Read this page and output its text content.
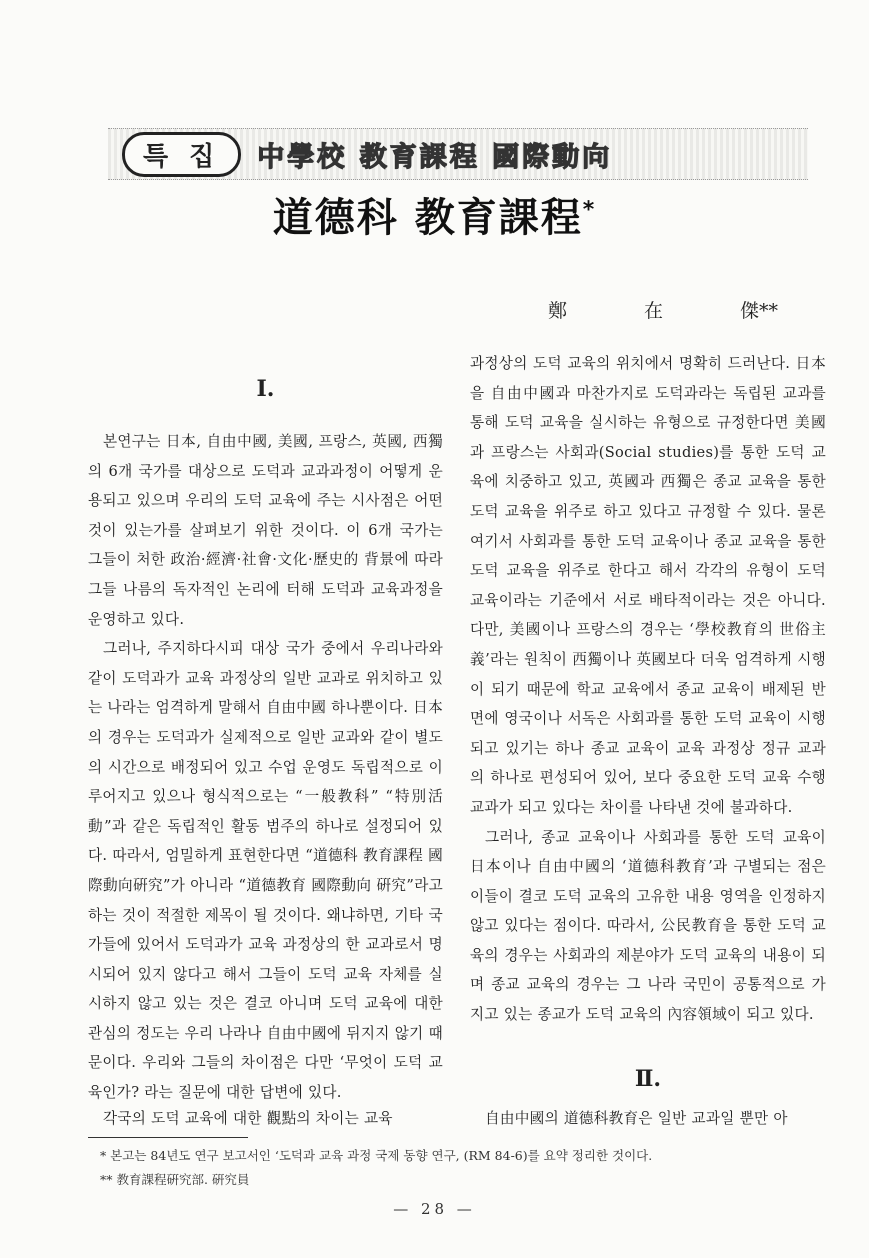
특 집	中學校 教育課程 國際動向
道德科 教育課程*
鄭	在	傑**
I.

본연구는 日本, 自由中國, 美國, 프랑스, 英國, 西獨의 6개 국가를 대상으로 도덕과 교과과정이 어떻게 운용되고 있으며 우리의 도덕 교육에 주는 시사점은 어떤 것이 있는가를 살펴보기 위한 것이다. 이 6개 국가는 그들이 처한 政治·經濟·社會·文化·歷史的 背景에 따라 그들 나름의 독자적인 논리에 터해 도덕과 교육과정을 운영하고 있다.

그러나, 주지하다시피 대상 국가 중에서 우리나라와 같이 도덕과가 교육 과정상의 일반 교과로 위치하고 있는 나라는 엄격하게 말해서 自由中國 하나뿐이다. 日本의 경우는 도덕과가 실제적으로 일반 교과와 같이 별도의 시간으로 배정되어 있고 수업 운영도 독립적으로 이루어지고 있으나 형식적으로는 “一般教科” “特別活動”과 같은 독립적인 활동 범주의 하나로 설정되어 있다. 따라서, 엄밀하게 표현한다면 “道德科 教育課程 國際動向硏究”가 아니라 “道德教育 國際動向 硏究”라고 하는 것이 적절한 제목이 될 것이다. 왜냐하면, 기타 국가들에 있어서 도덕과가 교육 과정상의 한 교과로서 명시되어 있지 않다고 해서 그들이 도덕 교육 자체를 실시하지 않고 있는 것은 결코 아니며 도덕 교육에 대한 관심의 정도는 우리 나라나 自由中國에 뒤지지 않기 때문이다. 우리와 그들의 차이점은 다만 ‘무엇이 도덕 교육인가? 라는 질문에 대한 답변에 있다.

과정상의 도덕 교육의 위치에서 명확히 드러난다. 日本을 自由中國과 마찬가지로 도덕과라는 독립된 교과를 통해 도덕 교육을 실시하는 유형으로 규정한다면 美國과 프랑스는 사회과(Social studies)를 통한 도덕 교육에 치중하고 있고, 英國과 西獨은 종교 교육을 통한 도덕 교육을 위주로 하고 있다고 규정할 수 있다. 물론 여기서 사회과를 통한 도덕 교육이나 종교 교육을 통한 도덕 교육을 위주로 한다고 해서 각각의 유형이 도덕 교육이라는 기준에서 서로 배타적이라는 것은 아니다. 다만, 美國이나 프랑스의 경우는 ‘學校教育의 世俗主義’라는 원칙이 西獨이나 英國보다 더욱 엄격하게 시행이 되기 때문에 학교 교육에서 종교 교육이 배제된 반면에 영국이나 서독은 사회과를 통한 도덕 교육이 시행되고 있기는 하나 종교 교육이 교육 과정상 정규 교과의 하나로 편성되어 있어, 보다 중요한 도덕 교육 수행 교과가 되고 있다는 차이를 나타낸 것에 불과하다.

그러나, 종교 교육이나 사회과를 통한 도덕 교육이 日本이나 自由中國의 ‘道德科教育’과 구별되는 점은 이들이 결코 도덕 교육의 고유한 내용 영역을 인정하지 않고 있다는 점이다. 따라서, 公民教育을 통한 도덕 교육의 경우는 사회과의 제분야가 도덕 교육의 내용이 되며 종교 교육의 경우는 그 나라 국민이 공통적으로 가지고 있는 종교가 도덕 교육의 內容領域이 되고 있다.

Ⅱ.
각국의 도덕 교육에 대한 觀點의 차이는 교육	自由中國의 道德科教育은 일반 교과일 뿐만 아
* 본고는 84년도 연구 보고서인 ‘도덕과 교육 과정 국제 동향 연구, (RM 84-6)를 요약 정리한 것이다.
** 教育課程硏究部. 硏究員
— 28 —
